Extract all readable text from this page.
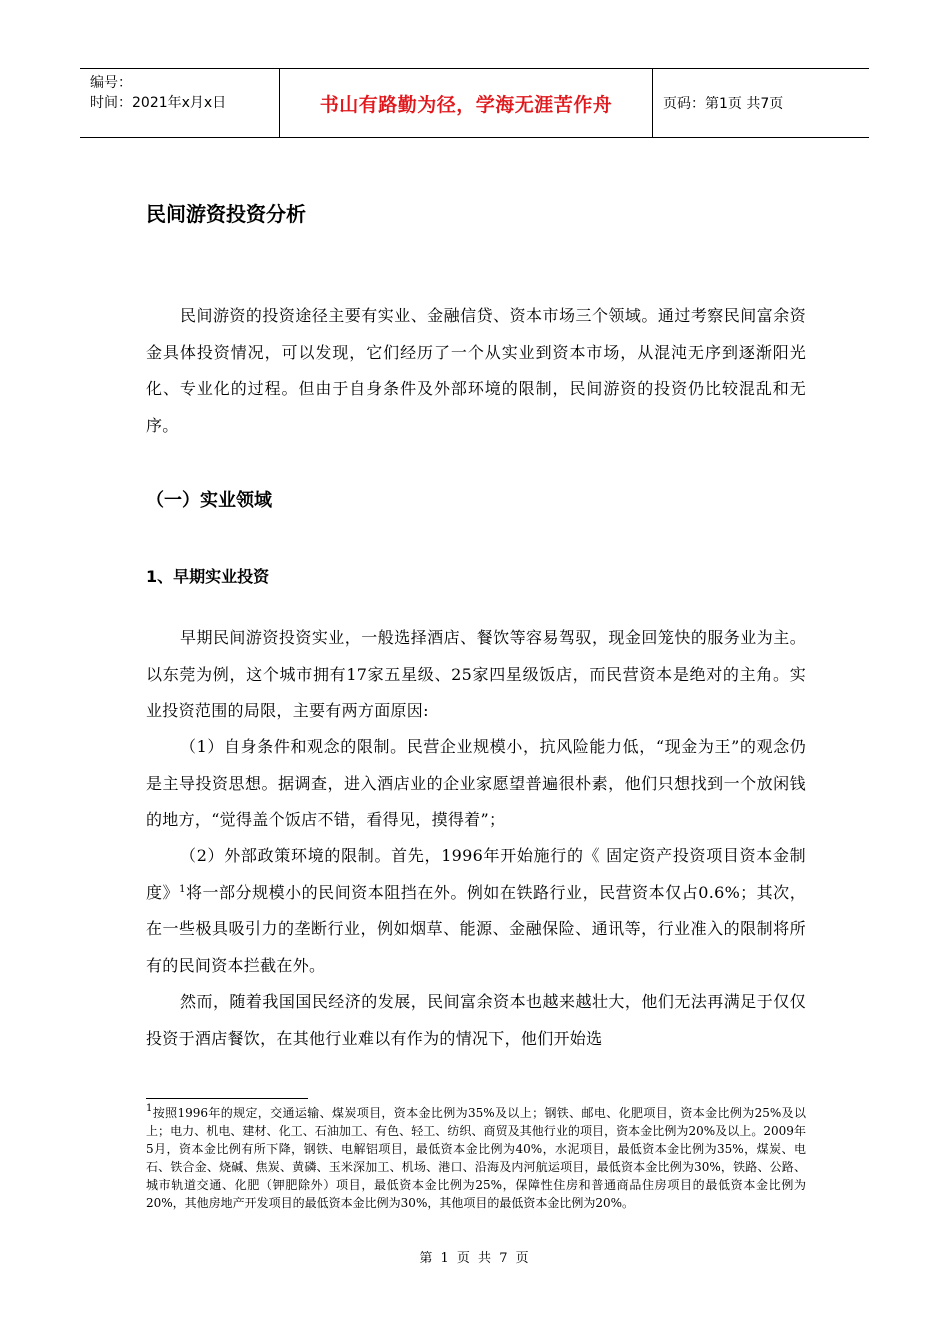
编号：
时间：2021年x月x日	书山有路勤为径，学海无涯苦作舟	页码：第1页 共7页
民间游资投资分析

民间游资的投资途径主要有实业、金融信贷、资本市场三个领域。通过考察民间富余资金具体投资情况，可以发现，它们经历了一个从实业到资本市场，从混沌无序到逐渐阳光化、专业化的过程。但由于自身条件及外部环境的限制，民间游资的投资仍比较混乱和无序。

（一）实业领域
1、早期实业投资

早期民间游资投资实业，一般选择酒店、餐饮等容易驾驭，现金回笼快的服务业为主。以东莞为例，这个城市拥有17家五星级、25家四星级饭店，而民营资本是绝对的主角。实业投资范围的局限，主要有两方面原因:

（1）自身条件和观念的限制。民营企业规模小，抗风险能力低，“现金为王”的观念仍是主导投资思想。据调查，进入酒店业的企业家愿望普遍很朴素，他们只想找到一个放闲钱的地方，“觉得盖个饭店不错，看得见，摸得着”；

（2）外部政策环境的限制。首先，1996年开始施行的《 固定资产投资项目资本金制度》$^1$将一部分规模小的民间资本阻挡在外。例如在铁路行业，民营资本仅占0.6%；其次，在一些极具吸引力的垄断行业，例如烟草、能源、金融保险、通讯等，行业准入的限制将所有的民间资本拦截在外。

然而，随着我国国民经济的发展，民间富余资本也越来越壮大，他们无法再满足于仅仅投资于酒店餐饮，在其他行业难以有作为的情况下，他们开始选

$^1$按照1996年的规定，交通运输、煤炭项目，资本金比例为35%及以上；钢铁、邮电、化肥项目，资本金比例为25%及以上；电力、机电、建材、化工、石油加工、有色、轻工、纺织、商贸及其他行业的项目，资本金比例为20%及以上。2009年5月，资本金比例有所下降，钢铁、电解铝项目，最低资本金比例为40%，水泥项目，最低资本金比例为35%，煤炭、电石、铁合金、烧碱、焦炭、黄磷、玉米深加工、机场、港口、沿海及内河航运项目，最低资本金比例为30%，铁路、公路、城市轨道交通、化肥（钾肥除外）项目，最低资本金比例为25%，保障性住房和普通商品住房项目的最低资本金比例为20%，其他房地产开发项目的最低资本金比例为30%，其他项目的最低资本金比例为20%。

第 1 页 共 7 页
